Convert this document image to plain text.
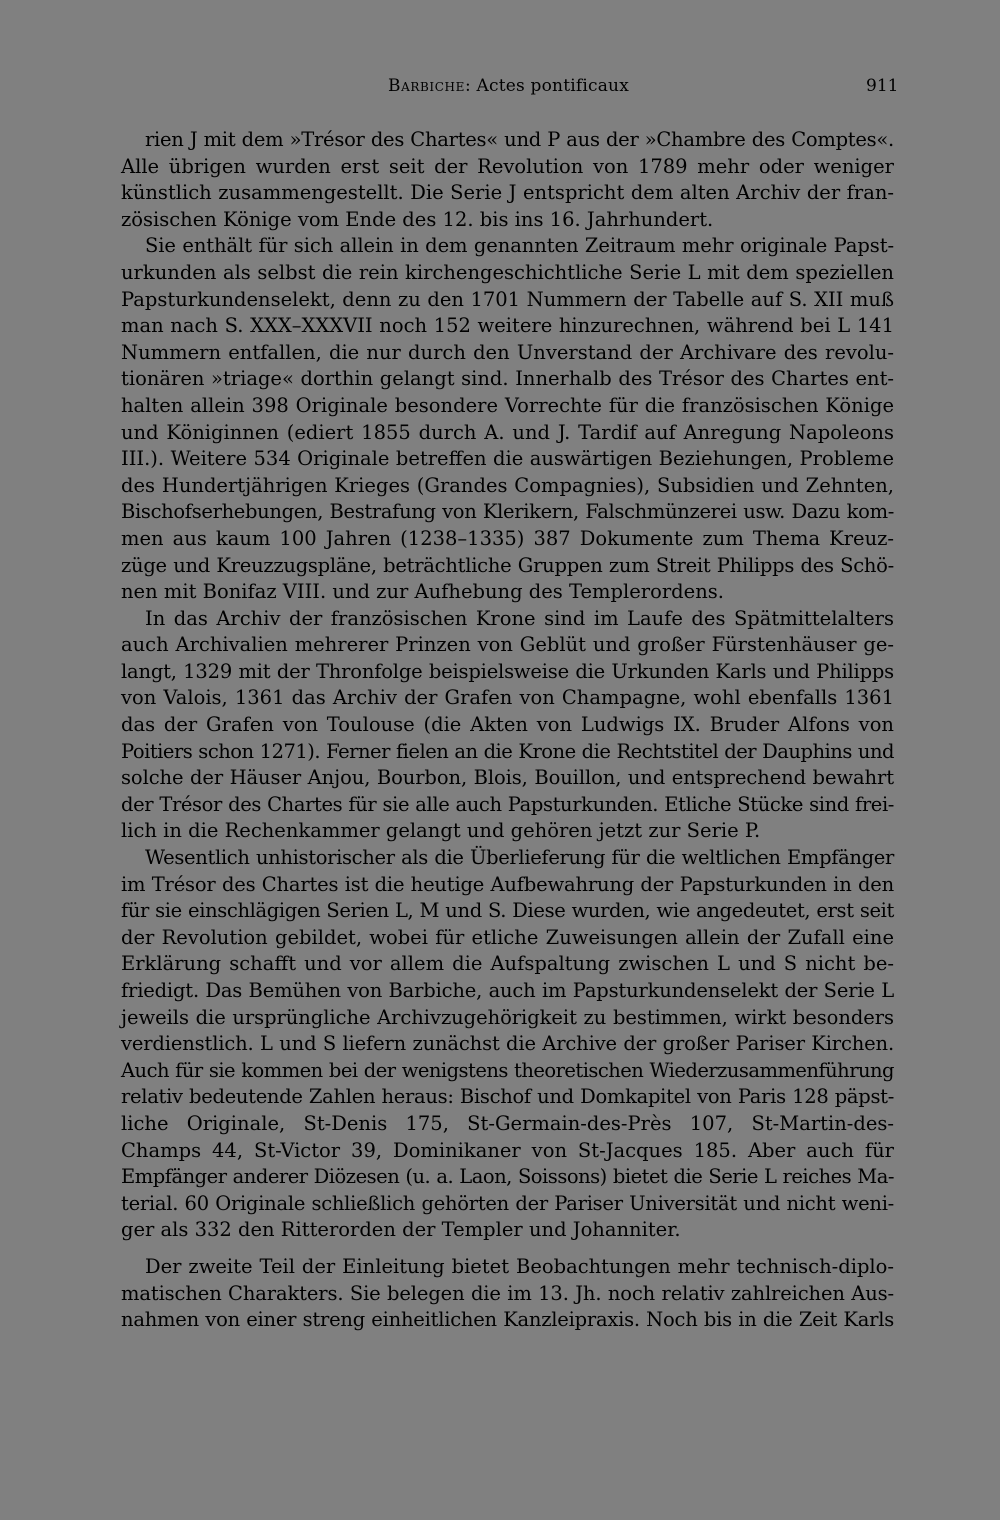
Barbiche: Actes pontificaux	911
rien J mit dem »Trésor des Chartes« und P aus der »Chambre des Comptes«.
Alle übrigen wurden erst seit der Revolution von 1789 mehr oder weniger
künstlich zusammengestellt. Die Serie J entspricht dem alten Archiv der fran-
zösischen Könige vom Ende des 12. bis ins 16. Jahrhundert.
Sie enthält für sich allein in dem genannten Zeitraum mehr originale Papst-
urkunden als selbst die rein kirchengeschichtliche Serie L mit dem speziellen
Papsturkundenselekt, denn zu den 1701 Nummern der Tabelle auf S. XII muß
man nach S. XXX–XXXVII noch 152 weitere hinzurechnen, während bei L 141
Nummern entfallen, die nur durch den Unverstand der Archivare des revolu-
tionären »triage« dorthin gelangt sind. Innerhalb des Trésor des Chartes ent-
halten allein 398 Originale besondere Vorrechte für die französischen Könige
und Königinnen (ediert 1855 durch A. und J. Tardif auf Anregung Napoleons
III.). Weitere 534 Originale betreffen die auswärtigen Beziehungen, Probleme
des Hundertjährigen Krieges (Grandes Compagnies), Subsidien und Zehnten,
Bischofserhebungen, Bestrafung von Klerikern, Falschmünzerei usw. Dazu kom-
men aus kaum 100 Jahren (1238–1335) 387 Dokumente zum Thema Kreuz-
züge und Kreuzzugspläne, beträchtliche Gruppen zum Streit Philipps des Schö-
nen mit Bonifaz VIII. und zur Aufhebung des Templerordens.
In das Archiv der französischen Krone sind im Laufe des Spätmittelalters
auch Archivalien mehrerer Prinzen von Geblüt und großer Fürstenhäuser ge-
langt, 1329 mit der Thronfolge beispielsweise die Urkunden Karls und Philipps
von Valois, 1361 das Archiv der Grafen von Champagne, wohl ebenfalls 1361
das der Grafen von Toulouse (die Akten von Ludwigs IX. Bruder Alfons von
Poitiers schon 1271). Ferner fielen an die Krone die Rechtstitel der Dauphins und
solche der Häuser Anjou, Bourbon, Blois, Bouillon, und entsprechend bewahrt
der Trésor des Chartes für sie alle auch Papsturkunden. Etliche Stücke sind frei-
lich in die Rechenkammer gelangt und gehören jetzt zur Serie P.
Wesentlich unhistorischer als die Überlieferung für die weltlichen Empfänger
im Trésor des Chartes ist die heutige Aufbewahrung der Papsturkunden in den
für sie einschlägigen Serien L, M und S. Diese wurden, wie angedeutet, erst seit
der Revolution gebildet, wobei für etliche Zuweisungen allein der Zufall eine
Erklärung schafft und vor allem die Aufspaltung zwischen L und S nicht be-
friedigt. Das Bemühen von Barbiche, auch im Papsturkundenselekt der Serie L
jeweils die ursprüngliche Archivzugehörigkeit zu bestimmen, wirkt besonders
verdienstlich. L und S liefern zunächst die Archive der großer Pariser Kirchen.
Auch für sie kommen bei der wenigstens theoretischen Wiederzusammenführung
relativ bedeutende Zahlen heraus: Bischof und Domkapitel von Paris 128 päpst-
liche Originale, St-Denis 175, St-Germain-des-Près 107, St-Martin-des-
Champs 44, St-Victor 39, Dominikaner von St-Jacques 185. Aber auch für
Empfänger anderer Diözesen (u. a. Laon, Soissons) bietet die Serie L reiches Ma-
terial. 60 Originale schließlich gehörten der Pariser Universität und nicht weni-
ger als 332 den Ritterorden der Templer und Johanniter.
Der zweite Teil der Einleitung bietet Beobachtungen mehr technisch-diplo-
matischen Charakters. Sie belegen die im 13. Jh. noch relativ zahlreichen Aus-
nahmen von einer streng einheitlichen Kanzleipraxis. Noch bis in die Zeit Karls
